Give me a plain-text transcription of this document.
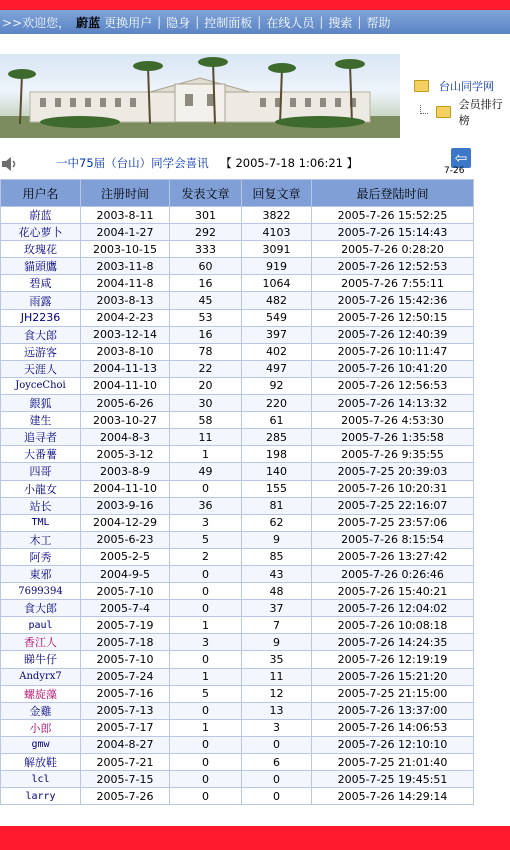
>>欢迎您， 蔚蓝 更换用户 | 隐身 | 控制面板 | 在线人员 | 搜索 | 帮助
台山同学网
会员排行榜
一中75届（台山）同学会喜讯 【 2005-7-18 1:06:21 】	⇦
7-26
用户名	注册时间	发表文章	回复文章	最后登陆时间
蔚蓝	2003-8-11	301	3822	2005-7-26 15:52:25
花心萝卜	2004-1-27	292	4103	2005-7-26 15:14:43
玫瑰花	2003-10-15	333	3091	2005-7-26 0:28:20
貓頭鷹	2003-11-8	60	919	2005-7-26 12:52:53
碧咸	2004-11-8	16	1064	2005-7-26 7:55:11
雨露	2003-8-13	45	482	2005-7-26 15:42:36
JH2236	2004-2-23	53	549	2005-7-26 12:50:15
食大郎	2003-12-14	16	397	2005-7-26 12:40:39
远游客	2003-8-10	78	402	2005-7-26 10:11:47
天涯人	2004-11-13	22	497	2005-7-26 10:41:20
JoyceChoi	2004-11-10	20	92	2005-7-26 12:56:53
銀狐	2005-6-26	30	220	2005-7-26 14:13:32
建生	2003-10-27	58	61	2005-7-26 4:53:30
追寻者	2004-8-3	11	285	2005-7-26 1:35:58
大番薯	2005-3-12	1	198	2005-7-26 9:35:55
四哥	2003-8-9	49	140	2005-7-25 20:39:03
小龍女	2004-11-10	0	155	2005-7-26 10:20:31
站长	2003-9-16	36	81	2005-7-25 22:16:07
TML	2004-12-29	3	62	2005-7-25 23:57:06
木工	2005-6-23	5	9	2005-7-26 8:15:54
阿秀	2005-2-5	2	85	2005-7-26 13:27:42
東邪	2004-9-5	0	43	2005-7-26 0:26:46
7699394	2005-7-10	0	48	2005-7-26 15:40:21
食大郎	2005-7-4	0	37	2005-7-26 12:04:02
paul	2005-7-19	1	7	2005-7-26 10:08:18
香江人	2005-7-18	3	9	2005-7-26 14:24:35
睇牛仔	2005-7-10	0	35	2005-7-26 12:19:19
Andyrx7	2005-7-24	1	11	2005-7-26 15:21:20
螺旋藻	2005-7-16	5	12	2005-7-25 21:15:00
金雞	2005-7-13	0	13	2005-7-26 13:37:00
小郎	2005-7-17	1	3	2005-7-26 14:06:53
gmw	2004-8-27	0	0	2005-7-26 12:10:10
解放鞋	2005-7-21	0	6	2005-7-25 21:01:40
lcl	2005-7-15	0	0	2005-7-25 19:45:51
larry	2005-7-26	0	0	2005-7-26 14:29:14
